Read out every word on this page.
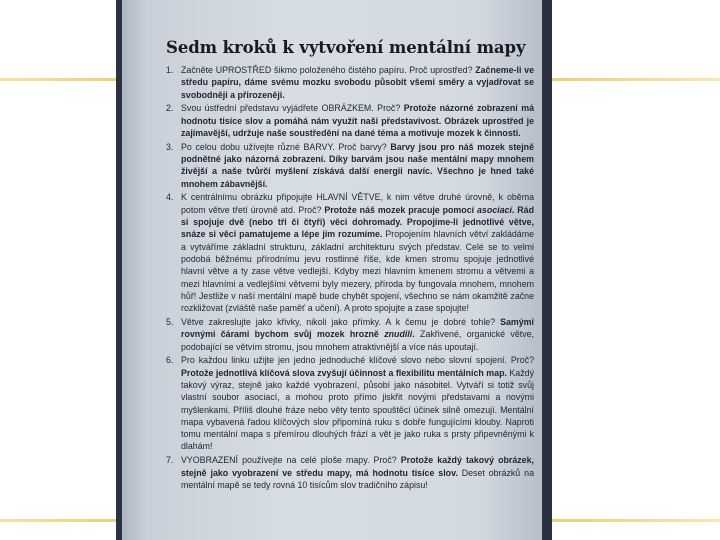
Sedm kroků k vytvoření mentální mapy
1. Začněte UPROSTŘED šikmo položeného čistého papíru. Proč uprostřed? Začneme-li ve středu papíru, dáme svému mozku svobodu působit všemi směry a vyjadřovat se svobodněji a přirozeněji.
2. Svou ústřední představu vyjádřete OBRÁZKEM. Proč? Protože názorné zobrazení má hodnotu tisíce slov a pomáhá nám využít naši představivost. Obrázek uprostřed je zajímavější, udržuje naše soustředění na dané téma a motivuje mozek k činnosti.
3. Po celou dobu užívejte různé BARVY. Proč barvy? Barvy jsou pro náš mozek stejně podnětné jako názorná zobrazení. Díky barvám jsou naše mentální mapy mnohem živější a naše tvůrčí myšlení získává další energii navíc. Všechno je hned také mnohem zábavnější.
4. K centrálnímu obrázku připojujte HLAVNÍ VĚTVE, k nim větve druhé úrovně, k oběma potom větve třetí úrovně atd. Proč? Protože náš mozek pracuje pomocí asociací. Rád si spojuje dvě (nebo tři či čtyři) věci dohromady. Propojíme-li jednotlivé větve, snáze si věci pamatujeme a lépe jim rozumíme. Propojením hlavních větví zakládáme a vytváříme základní strukturu, základní architekturu svých představ. Celé se to velmi podobá běžnému přírodnímu jevu rostlinné říše, kde kmen stromu spojuje jednotlivé hlavní větve a ty zase větve vedlejší. Kdyby mezi hlavním kmenem stromu a větvemi a mezi hlavními a vedlejšími větvemi byly mezery, příroda by fungovala mnohem, mnohem hůř! Jestliže v naší mentální mapě bude chybět spojení, všechno se nám okamžitě začne rozkližovat (zvláště naše paměť a učení). A proto spojujte a zase spojujte!
5. Větve zakreslujte jako křivky, nikoli jako přímky. A k čemu je dobré tohle? Samými rovnými čárami bychom svůj mozek hrozně znudili. Zakřivené, organické větve, podobající se větvím stromu, jsou mnohem atraktivnější a více nás upoutají.
6. Pro každou linku užijte jen jedno jednoduché klíčové slovo nebo slovní spojení. Proč? Protože jednotlivá klíčová slova zvyšují účinnost a flexibilitu mentálních map. Každý takový výraz, stejně jako každé vyobrazení, působí jako násobitel. Vytváří si totiž svůj vlastní soubor asociací, a mohou proto přímo jiskřit novými představami a novými myšlenkami. Příliš dlouhé fráze nebo věty tento spouštěcí účinek silně omezují. Mentální mapa vybavená řadou klíčových slov připomíná ruku s dobře fungujícími klouby. Naproti tomu mentální mapa s přemírou dlouhých frází a vět je jako ruka s prsty připevněnými k dlahám!
7. VYOBRAZENÍ používejte na celé ploše mapy. Proč? Protože každý takový obrázek, stejně jako vyobrazení ve středu mapy, má hodnotu tisíce slov. Deset obrázků na mentální mapě se tedy rovná 10 tisícům slov tradičního zápisu!
